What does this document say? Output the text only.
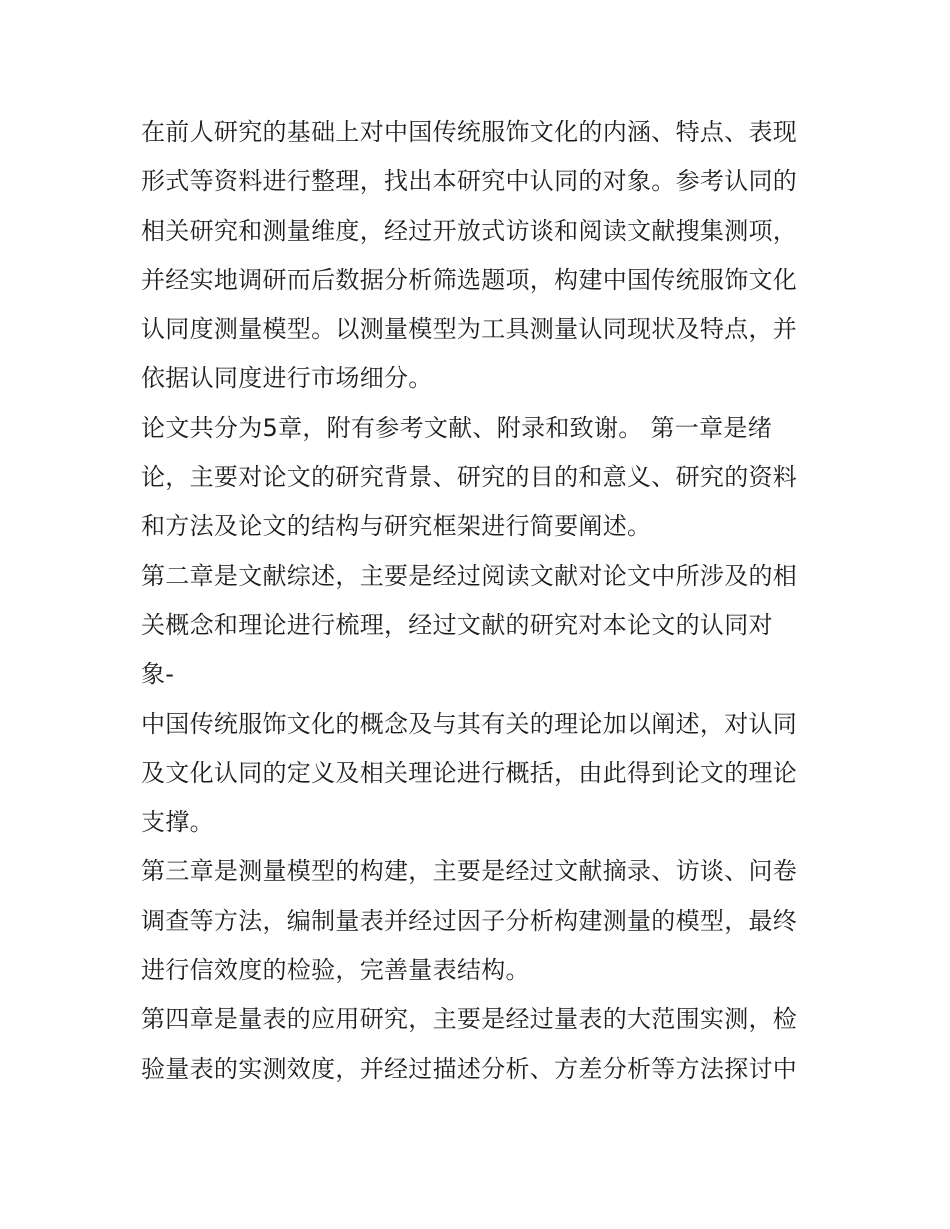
在前人研究的基础上对中国传统服饰文化的内涵、特点、表现
形式等资料进行整理，找出本研究中认同的对象。参考认同的
相关研究和测量维度，经过开放式访谈和阅读文献搜集测项，
并经实地调研而后数据分析筛选题项，构建中国传统服饰文化
认同度测量模型。以测量模型为工具测量认同现状及特点，并
依据认同度进行市场细分。
论文共分为5章，附有参考文献、附录和致谢。 第一章是绪
论，主要对论文的研究背景、研究的目的和意义、研究的资料
和方法及论文的结构与研究框架进行简要阐述。
第二章是文献综述，主要是经过阅读文献对论文中所涉及的相
关概念和理论进行梳理，经过文献的研究对本论文的认同对
象-
中国传统服饰文化的概念及与其有关的理论加以阐述，对认同
及文化认同的定义及相关理论进行概括，由此得到论文的理论
支撑。
第三章是测量模型的构建，主要是经过文献摘录、访谈、问卷
调查等方法，编制量表并经过因子分析构建测量的模型，最终
进行信效度的检验，完善量表结构。
第四章是量表的应用研究，主要是经过量表的大范围实测，检
验量表的实测效度，并经过描述分析、方差分析等方法探讨中
